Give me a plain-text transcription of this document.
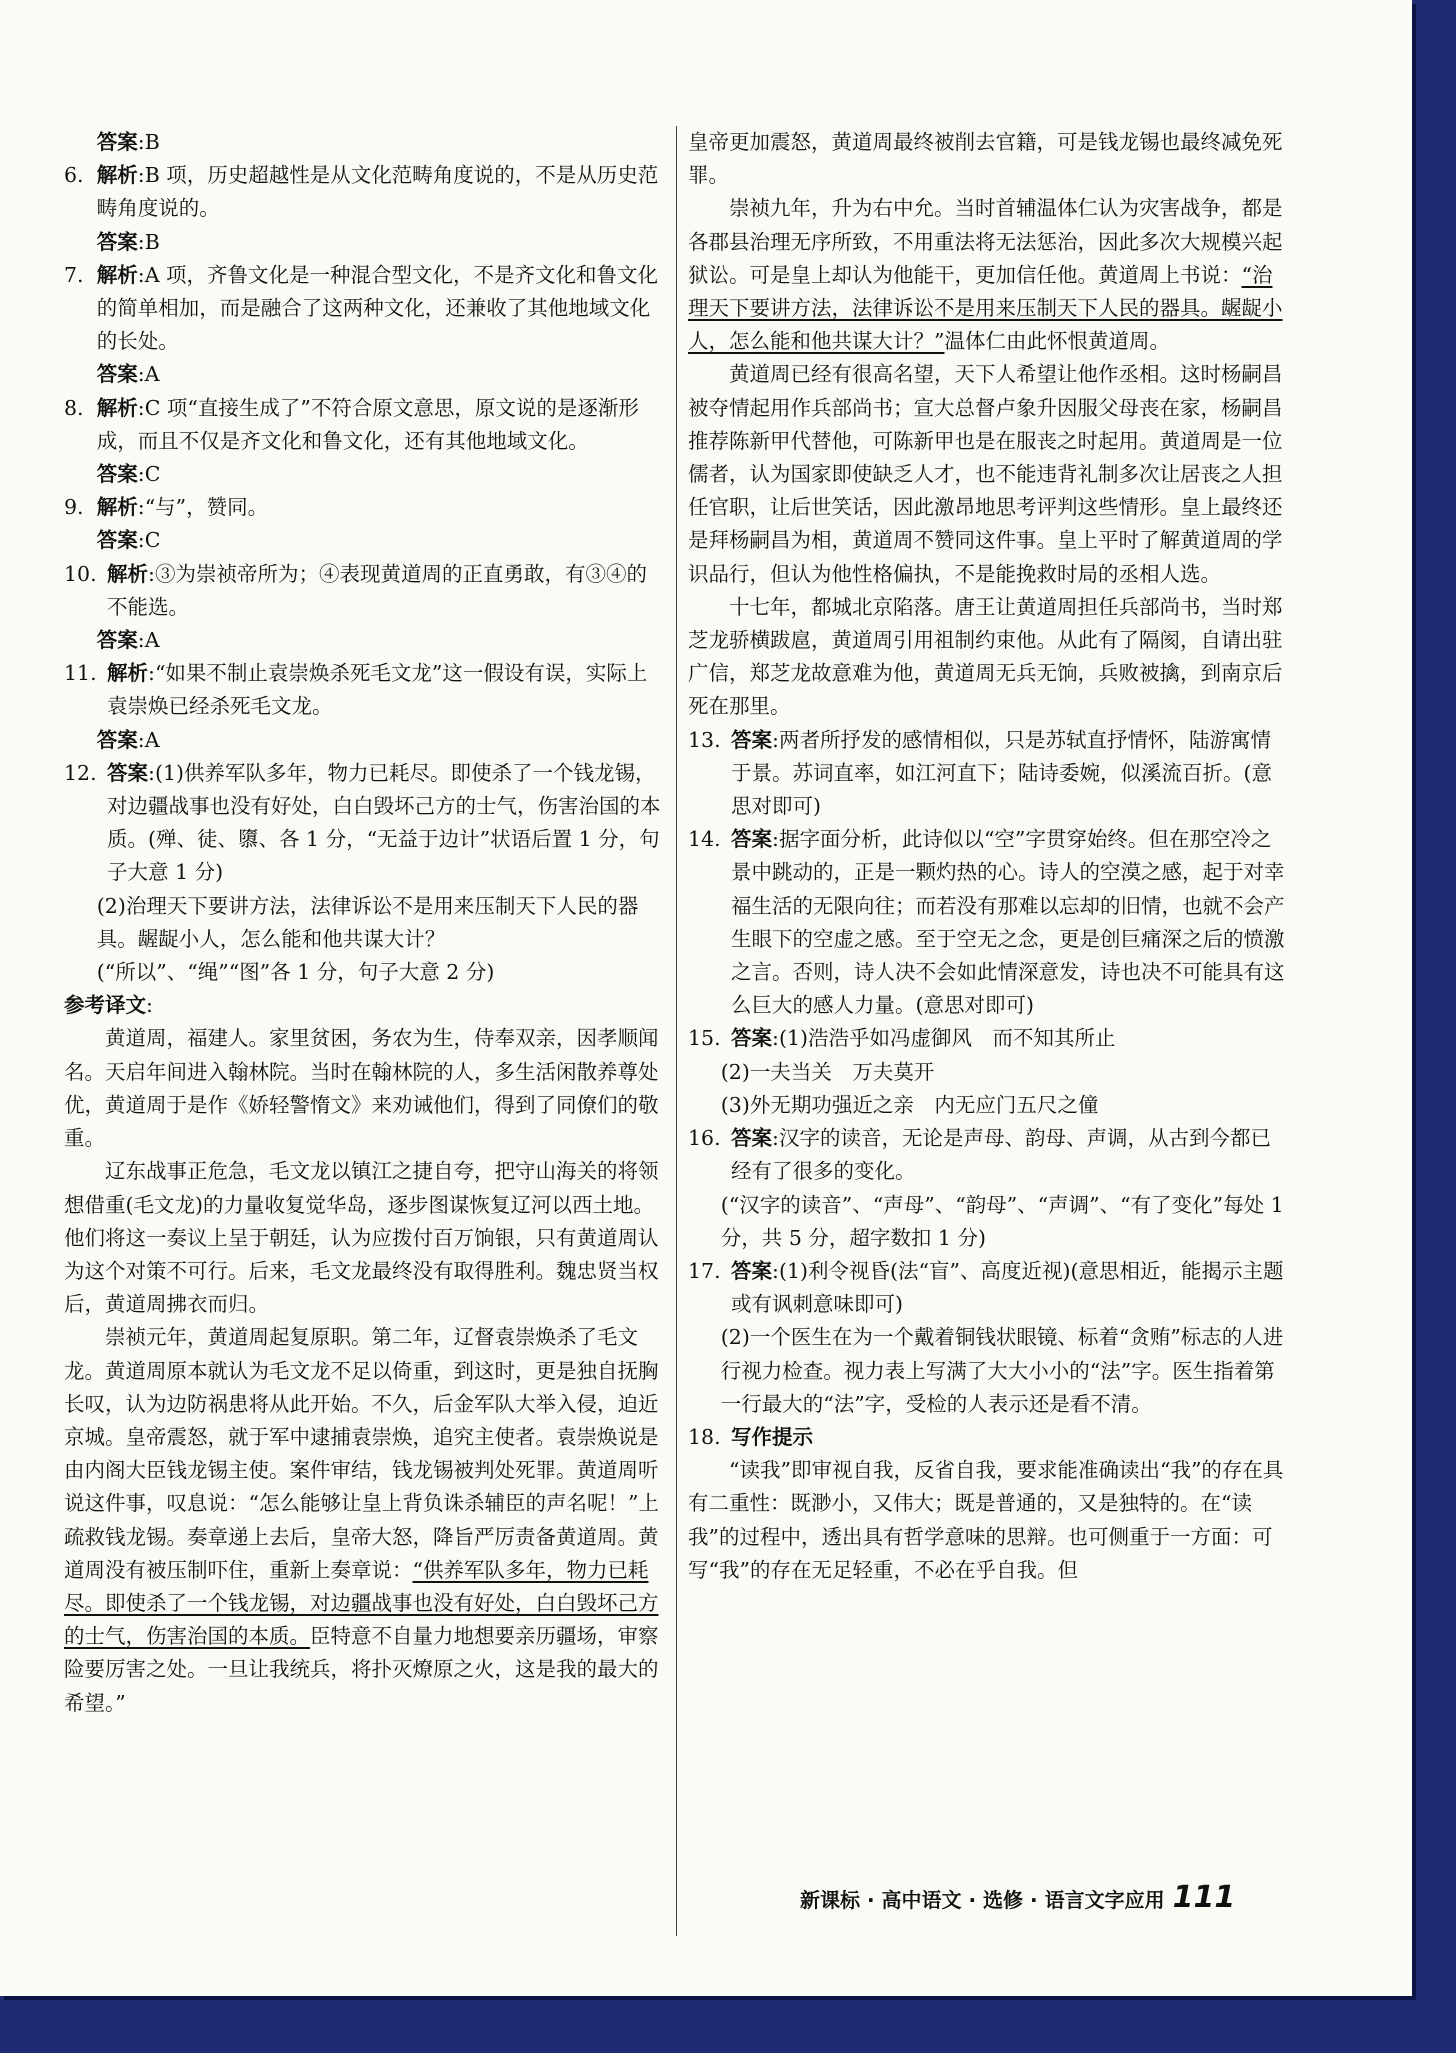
答案:B

6. 解析:B 项，历史超越性是从文化范畴角度说的，不是从历史范畴角度说的。

答案:B

7. 解析:A 项，齐鲁文化是一种混合型文化，不是齐文化和鲁文化的简单相加，而是融合了这两种文化，还兼收了其他地域文化的长处。

答案:A

8. 解析:C 项“直接生成了”不符合原文意思，原文说的是逐渐形成，而且不仅是齐文化和鲁文化，还有其他地域文化。

答案:C

9. 解析:“与”，赞同。

答案:C

10. 解析:③为崇祯帝所为；④表现黄道周的正直勇敢，有③④的不能选。

答案:A

11. 解析:“如果不制止袁崇焕杀死毛文龙”这一假设有误，实际上袁崇焕已经杀死毛文龙。

答案:A

12. 答案:(1)供养军队多年，物力已耗尽。即使杀了一个钱龙锡，对边疆战事也没有好处，白白毁坏己方的士气，伤害治国的本质。(殚、徒、隳、各 1 分，“无益于边计”状语后置 1 分，句子大意 1 分)

(2)治理天下要讲方法，法律诉讼不是用来压制天下人民的器具。龌龊小人，怎么能和他共谋大计？

(“所以”、“绳”“图”各 1 分，句子大意 2 分)

参考译文:

黄道周，福建人。家里贫困，务农为生，侍奉双亲，因孝顺闻名。天启年间进入翰林院。当时在翰林院的人，多生活闲散养尊处优，黄道周于是作《娇轻警惰文》来劝诫他们，得到了同僚们的敬重。

辽东战事正危急，毛文龙以镇江之捷自夸，把守山海关的将领想借重(毛文龙)的力量收复觉华岛，逐步图谋恢复辽河以西土地。他们将这一奏议上呈于朝廷，认为应拨付百万饷银，只有黄道周认为这个对策不可行。后来，毛文龙最终没有取得胜利。魏忠贤当权后，黄道周拂衣而归。

崇祯元年，黄道周起复原职。第二年，辽督袁崇焕杀了毛文龙。黄道周原本就认为毛文龙不足以倚重，到这时，更是独自抚胸长叹，认为边防祸患将从此开始。不久，后金军队大举入侵，迫近京城。皇帝震怒，就于军中逮捕袁崇焕，追究主使者。袁崇焕说是由内阁大臣钱龙锡主使。案件审结，钱龙锡被判处死罪。黄道周听说这件事，叹息说：“怎么能够让皇上背负诛杀辅臣的声名呢！”上疏救钱龙锡。奏章递上去后，皇帝大怒，降旨严厉责备黄道周。黄道周没有被压制吓住，重新上奏章说：“供养军队多年，物力已耗尽。即使杀了一个钱龙锡，对边疆战事也没有好处，白白毁坏己方的士气，伤害治国的本质。臣特意不自量力地想要亲历疆场，审察险要厉害之处。一旦让我统兵，将扑灭燎原之火，这是我的最大的希望。”

皇帝更加震怒，黄道周最终被削去官籍，可是钱龙锡也最终减免死罪。

崇祯九年，升为右中允。当时首辅温体仁认为灾害战争，都是各郡县治理无序所致，不用重法将无法惩治，因此多次大规模兴起狱讼。可是皇上却认为他能干，更加信任他。黄道周上书说：“治理天下要讲方法，法律诉讼不是用来压制天下人民的器具。龌龊小人，怎么能和他共谋大计？”温体仁由此怀恨黄道周。

黄道周已经有很高名望，天下人希望让他作丞相。这时杨嗣昌被夺情起用作兵部尚书；宣大总督卢象升因服父母丧在家，杨嗣昌推荐陈新甲代替他，可陈新甲也是在服丧之时起用。黄道周是一位儒者，认为国家即使缺乏人才，也不能违背礼制多次让居丧之人担任官职，让后世笑话，因此激昂地思考评判这些情形。皇上最终还是拜杨嗣昌为相，黄道周不赞同这件事。皇上平时了解黄道周的学识品行，但认为他性格偏执，不是能挽救时局的丞相人选。

十七年，都城北京陷落。唐王让黄道周担任兵部尚书，当时郑芝龙骄横跋扈，黄道周引用祖制约束他。从此有了隔阂，自请出驻广信，郑芝龙故意难为他，黄道周无兵无饷，兵败被擒，到南京后死在那里。

13. 答案:两者所抒发的感情相似，只是苏轼直抒情怀，陆游寓情于景。苏词直率，如江河直下；陆诗委婉，似溪流百折。(意思对即可)

14. 答案:据字面分析，此诗似以“空”字贯穿始终。但在那空冷之景中跳动的，正是一颗灼热的心。诗人的空漠之感，起于对幸福生活的无限向往；而若没有那难以忘却的旧情，也就不会产生眼下的空虚之感。至于空无之念，更是创巨痛深之后的愤激之言。否则，诗人决不会如此情深意发，诗也决不可能具有这么巨大的感人力量。(意思对即可)

15. 答案:(1)浩浩乎如冯虚御风　而不知其所止

(2)一夫当关　万夫莫开

(3)外无期功强近之亲　内无应门五尺之僮

16. 答案:汉字的读音，无论是声母、韵母、声调，从古到今都已经有了很多的变化。

(“汉字的读音”、“声母”、“韵母”、“声调”、“有了变化”每处 1 分，共 5 分，超字数扣 1 分)

17. 答案:(1)利令视昏(法“盲”、高度近视)(意思相近，能揭示主题或有讽刺意味即可)

(2)一个医生在为一个戴着铜钱状眼镜、标着“贪贿”标志的人进行视力检查。视力表上写满了大大小小的“法”字。医生指着第一行最大的“法”字，受检的人表示还是看不清。

18. 写作提示

“读我”即审视自我，反省自我，要求能准确读出“我”的存在具有二重性：既渺小，又伟大；既是普通的，又是独特的。在“读我”的过程中，透出具有哲学意味的思辩。也可侧重于一方面：可写“我”的存在无足轻重，不必在乎自我。但

新课标 · 高中语文 · 选修 · 语言文字应用 111
